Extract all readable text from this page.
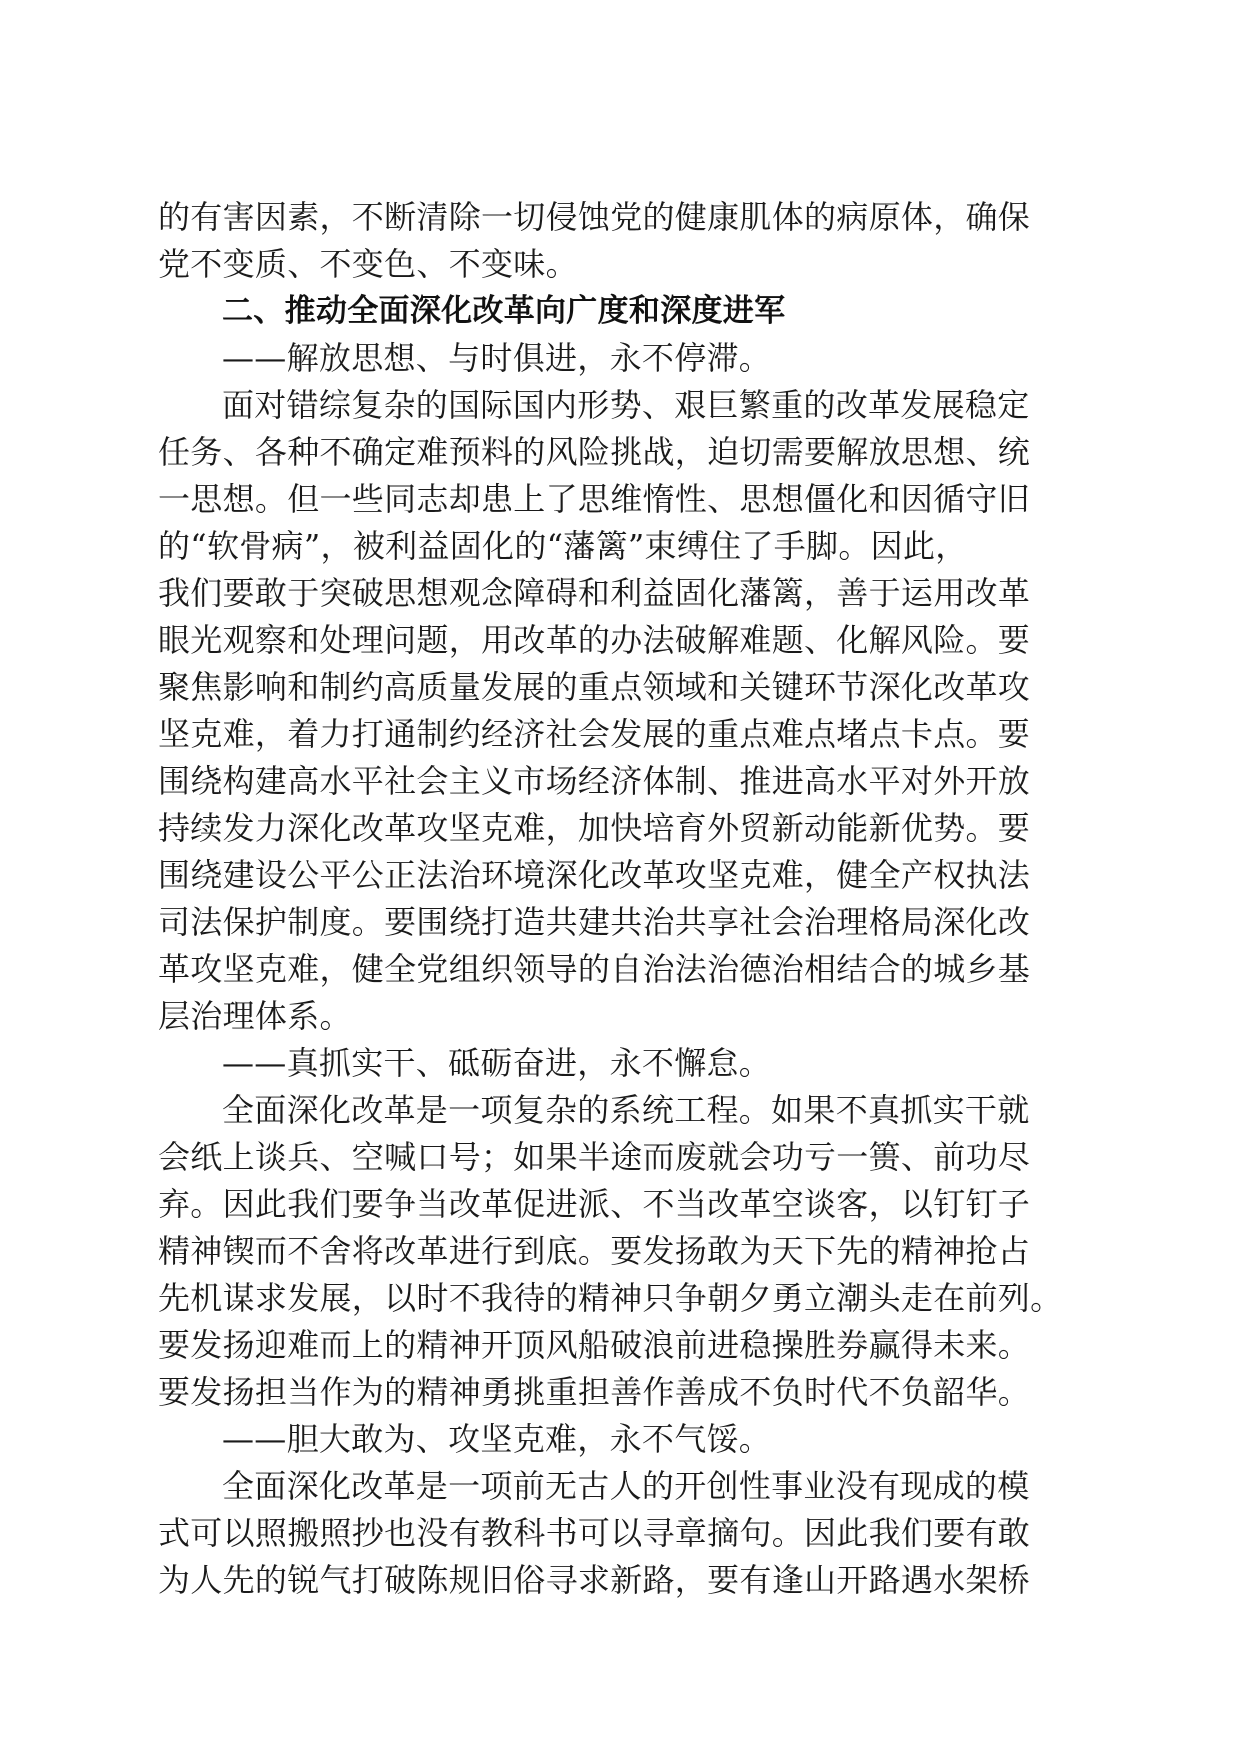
的有害因素，不断清除一切侵蚀党的健康肌体的病原体，确保
党不变质、不变色、不变味。
二、推动全面深化改革向广度和深度进军
——解放思想、与时俱进，永不停滞。
面对错综复杂的国际国内形势、艰巨繁重的改革发展稳定
任务、各种不确定难预料的风险挑战，迫切需要解放思想、统
一思想。但一些同志却患上了思维惰性、思想僵化和因循守旧
的“软骨病”，被利益固化的“藩篱”束缚住了手脚。因此，
我们要敢于突破思想观念障碍和利益固化藩篱，善于运用改革
眼光观察和处理问题，用改革的办法破解难题、化解风险。要
聚焦影响和制约高质量发展的重点领域和关键环节深化改革攻
坚克难，着力打通制约经济社会发展的重点难点堵点卡点。要
围绕构建高水平社会主义市场经济体制、推进高水平对外开放
持续发力深化改革攻坚克难，加快培育外贸新动能新优势。要
围绕建设公平公正法治环境深化改革攻坚克难，健全产权执法
司法保护制度。要围绕打造共建共治共享社会治理格局深化改
革攻坚克难，健全党组织领导的自治法治德治相结合的城乡基
层治理体系。
——真抓实干、砥砺奋进，永不懈怠。
全面深化改革是一项复杂的系统工程。如果不真抓实干就
会纸上谈兵、空喊口号；如果半途而废就会功亏一篑、前功尽
弃。因此我们要争当改革促进派、不当改革空谈客，以钉钉子
精神锲而不舍将改革进行到底。要发扬敢为天下先的精神抢占
先机谋求发展，以时不我待的精神只争朝夕勇立潮头走在前列。
要发扬迎难而上的精神开顶风船破浪前进稳操胜券赢得未来。
要发扬担当作为的精神勇挑重担善作善成不负时代不负韶华。
——胆大敢为、攻坚克难，永不气馁。
全面深化改革是一项前无古人的开创性事业没有现成的模
式可以照搬照抄也没有教科书可以寻章摘句。因此我们要有敢
为人先的锐气打破陈规旧俗寻求新路，要有逢山开路遇水架桥
